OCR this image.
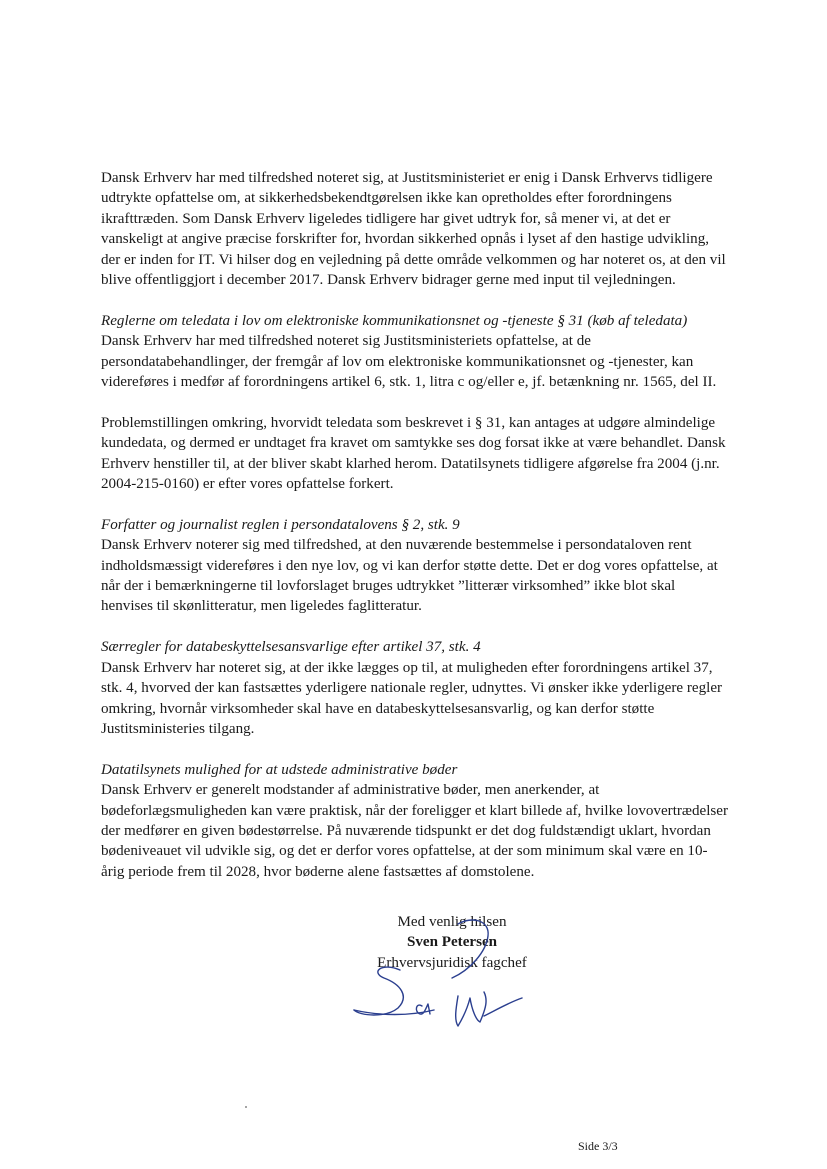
Dansk Erhverv har med tilfredshed noteret sig, at Justitsministeriet er enig i Dansk Erhvervs tidligere udtrykte opfattelse om, at sikkerhedsbekendtgørelsen ikke kan opretholdes efter forordningens ikrafttræden. Som Dansk Erhverv ligeledes tidligere har givet udtryk for, så mener vi, at det er vanskeligt at angive præcise forskrifter for, hvordan sikkerhed opnås i lyset af den hastige udvikling, der er inden for IT. Vi hilser dog en vejledning på dette område velkommen og har noteret os, at den vil blive offentliggjort i december 2017. Dansk Erhverv bidrager gerne med input til vejledningen.

Reglerne om teledata i lov om elektroniske kommunikationsnet og -tjeneste § 31 (køb af teledata)

Dansk Erhverv har med tilfredshed noteret sig Justitsministeriets opfattelse, at de persondatabehandlinger, der fremgår af lov om elektroniske kommunikationsnet og -tjenester, kan videreføres i medfør af forordningens artikel 6, stk. 1, litra c og/eller e, jf. betænkning nr. 1565, del II.

Problemstillingen omkring, hvorvidt teledata som beskrevet i § 31, kan antages at udgøre almindelige kundedata, og dermed er undtaget fra kravet om samtykke ses dog forsat ikke at være behandlet. Dansk Erhverv henstiller til, at der bliver skabt klarhed herom. Datatilsynets tidligere afgørelse fra 2004 (j.nr. 2004-215-0160) er efter vores opfattelse forkert.

Forfatter og journalist reglen i persondatalovens § 2, stk. 9

Dansk Erhverv noterer sig med tilfredshed, at den nuværende bestemmelse i persondataloven rent indholdsmæssigt videreføres i den nye lov, og vi kan derfor støtte dette. Det er dog vores opfattelse, at når der i bemærkningerne til lovforslaget bruges udtrykket ”litterær virksomhed” ikke blot skal henvises til skønlitteratur, men ligeledes faglitteratur.

Særregler for databeskyttelsesansvarlige efter artikel 37, stk. 4

Dansk Erhverv har noteret sig, at der ikke lægges op til, at muligheden efter forordningens artikel 37, stk. 4, hvorved der kan fastsættes yderligere nationale regler, udnyttes. Vi ønsker ikke yderligere regler omkring, hvornår virksomheder skal have en databeskyttelsesansvarlig, og kan derfor støtte Justitsministeries tilgang.

Datatilsynets mulighed for at udstede administrative bøder

Dansk Erhverv er generelt modstander af administrative bøder, men anerkender, at bødeforlægsmuligheden kan være praktisk, når der foreligger et klart billede af, hvilke lovovertrædelser der medfører en given bødestørrelse. På nuværende tidspunkt er det dog fuldstændigt uklart, hvordan bødeniveauet vil udvikle sig, og det er derfor vores opfattelse, at der som minimum skal være en 10-årig periode frem til 2028, hvor bøderne alene fastsættes af domstolene.

Med venlig hilsen
Sven Petersen
Erhvervsjuridisk fagchef
Side 3/3
